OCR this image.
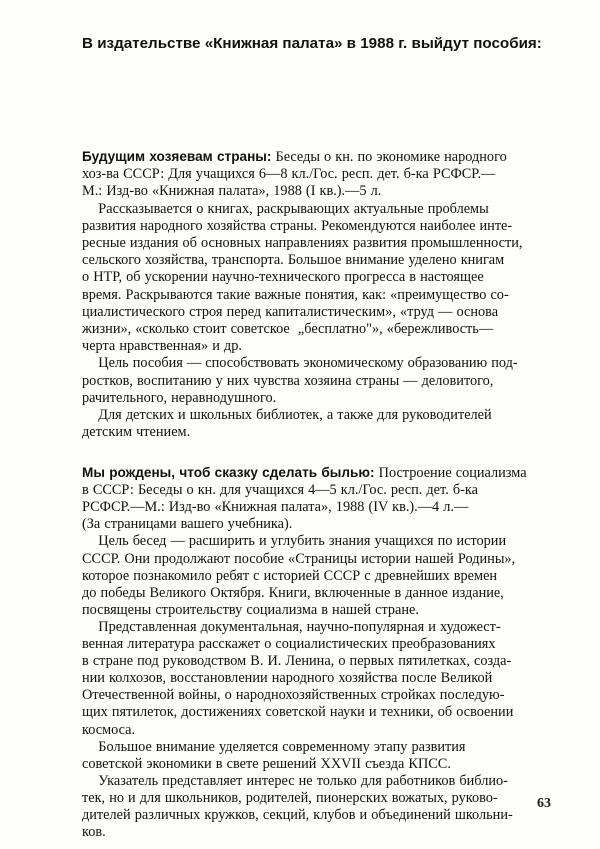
В издательстве «Книжная палата» в 1988 г. выйдут пособия:
Будущим хозяевам страны: Беседы о кн. по экономике народного
хоз-ва СССР: Для учащихся 6—8 кл./Гос. респ. дет. б-ка РСФСР.—
М.: Изд-во «Книжная палата», 1988 (I кв.).—5 л.
Рассказывается о книгах, раскрывающих актуальные проблемы
развития народного хозяйства страны. Рекомендуются наиболее инте-
ресные издания об основных направлениях развития промышленности,
сельского хозяйства, транспорта. Большое внимание уделено книгам
о НТР, об ускорении научно-технического прогресса в настоящее
время. Раскрываются такие важные понятия, как: «преимущество со-
циалистического строя перед капиталистическим», «труд — основа
жизни», «сколько стоит советское  „бесплатно"», «бережливость—
черта нравственная» и др.
Цель пособия — способствовать экономическому образованию под-
ростков, воспитанию у них чувства хозяина страны — деловитого,
рачительного, неравнодушного.
Для детских и школьных библиотек, а также для руководителей
детским чтением.
Мы рождены, чтоб сказку сделать былью: Построение социализма
в СССР: Беседы о кн. для учащихся 4—5 кл./Гос. респ. дет. б-ка
РСФСР.—М.: Изд-во «Книжная палата», 1988 (IV кв.).—4 л.—
(За страницами вашего учебника).
Цель бесед — расширить и углубить знания учащихся по истории
СССР. Они продолжают пособие «Страницы истории нашей Родины»,
которое познакомило ребят с историей СССР с древнейших времен
до победы Великого Октября. Книги, включенные в данное издание,
посвящены строительству социализма в нашей стране.
Представленная документальная, научно-популярная и художест-
венная литература расскажет о социалистических преобразованиях
в стране под руководством В. И. Ленина, о первых пятилетках, созда-
нии колхозов, восстановлении народного хозяйства после Великой
Отечественной войны, о народнохозяйственных стройках последую-
щих пятилеток, достижениях советской науки и техники, об освоении
космоса.
Большое внимание уделяется современному этапу развития
советской экономики в свете решений XXVII съезда КПСС.
Указатель представляет интерес не только для работников библио-
тек, но и для школьников, родителей, пионерских вожатых, руково-
дителей различных кружков, секций, клубов и объединений школьни-
ков.
63
